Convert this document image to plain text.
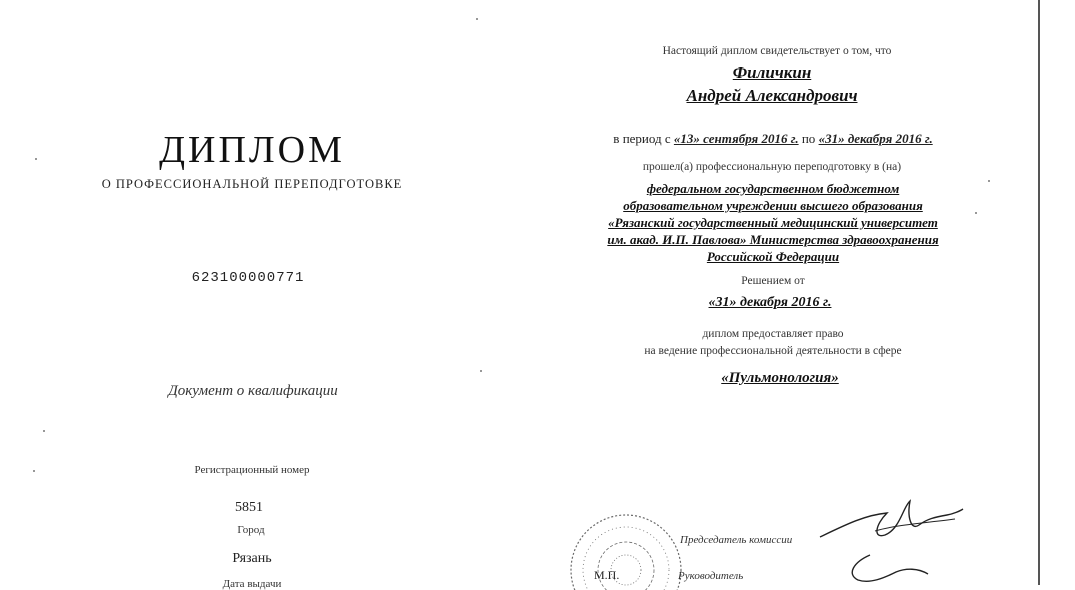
ДИПЛОМ
О ПРОФЕССИОНАЛЬНОЙ ПЕРЕПОДГОТОВКЕ
623100000771
Документ о квалификации
Регистрационный номер
5851
Город
Рязань
Дата выдачи
Настоящий диплом свидетельствует о том, что
Филичкин
Андрей Александрович
в период с «13» сентября 2016 г. по «31» декабря 2016 г.
прошел(а) профессиональную переподготовку в (на)
федеральном государственном бюджетном
образовательном учреждении высшего образования
«Рязанский государственный медицинский университет
им. акад. И.П. Павлова» Министерства здравоохранения
Российской Федерации
Решением от
«31» декабря 2016 г.
диплом предоставляет право
на ведение профессиональной деятельности в сфере
«Пульмонология»
Председатель комиссии
М.П.	Руководитель
